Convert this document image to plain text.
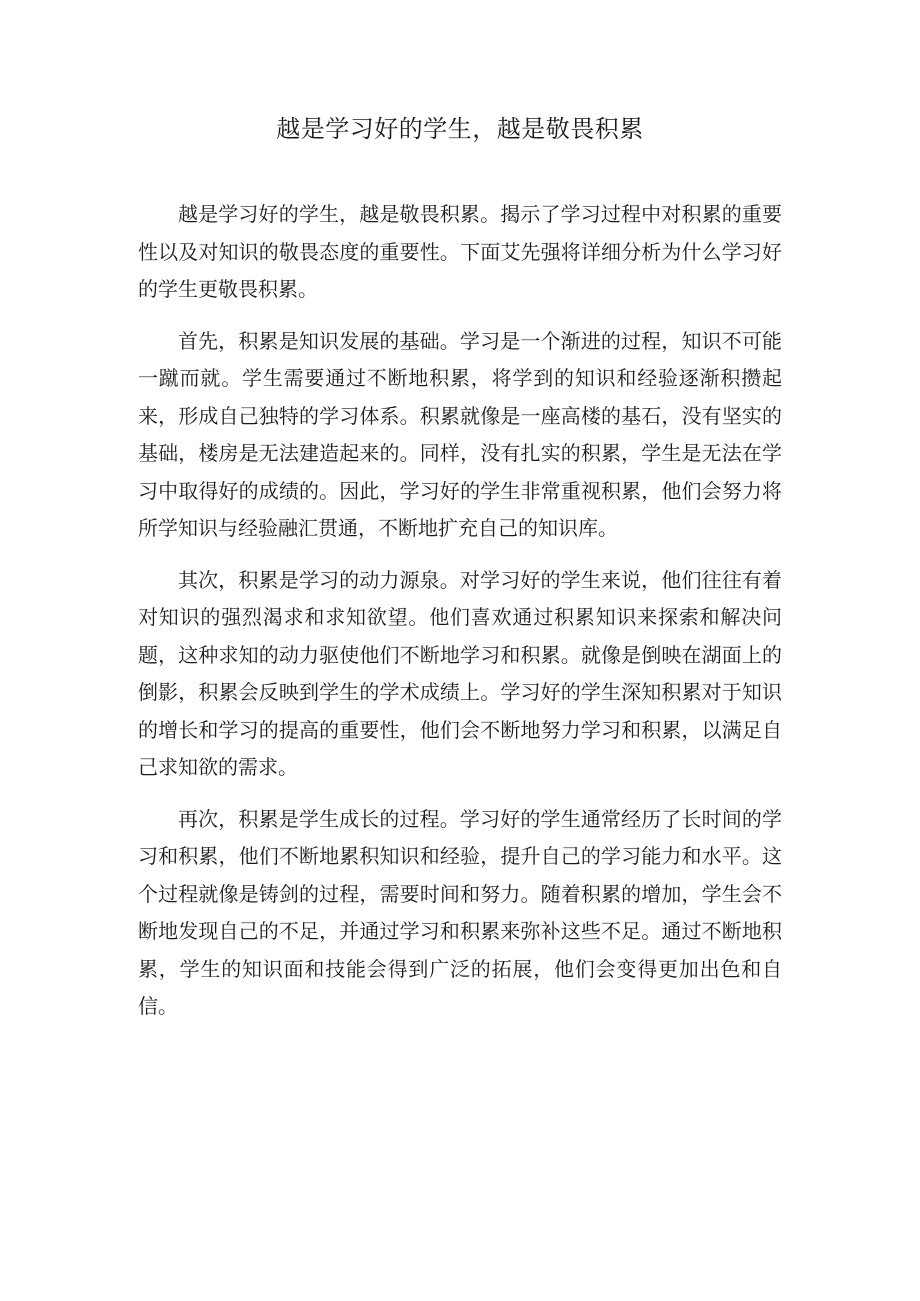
越是学习好的学生，越是敬畏积累

越是学习好的学生，越是敬畏积累。揭示了学习过程中对积累的重要性以及对知识的敬畏态度的重要性。下面艾先强将详细分析为什么学习好的学生更敬畏积累。

首先，积累是知识发展的基础。学习是一个渐进的过程，知识不可能一蹴而就。学生需要通过不断地积累，将学到的知识和经验逐渐积攒起来，形成自己独特的学习体系。积累就像是一座高楼的基石，没有坚实的基础，楼房是无法建造起来的。同样，没有扎实的积累，学生是无法在学习中取得好的成绩的。因此，学习好的学生非常重视积累，他们会努力将所学知识与经验融汇贯通，不断地扩充自己的知识库。

其次，积累是学习的动力源泉。对学习好的学生来说，他们往往有着对知识的强烈渴求和求知欲望。他们喜欢通过积累知识来探索和解决问题，这种求知的动力驱使他们不断地学习和积累。就像是倒映在湖面上的倒影，积累会反映到学生的学术成绩上。学习好的学生深知积累对于知识的增长和学习的提高的重要性，他们会不断地努力学习和积累，以满足自己求知欲的需求。

再次，积累是学生成长的过程。学习好的学生通常经历了长时间的学习和积累，他们不断地累积知识和经验，提升自己的学习能力和水平。这个过程就像是铸剑的过程，需要时间和努力。随着积累的增加，学生会不断地发现自己的不足，并通过学习和积累来弥补这些不足。通过不断地积累，学生的知识面和技能会得到广泛的拓展，他们会变得更加出色和自信。
